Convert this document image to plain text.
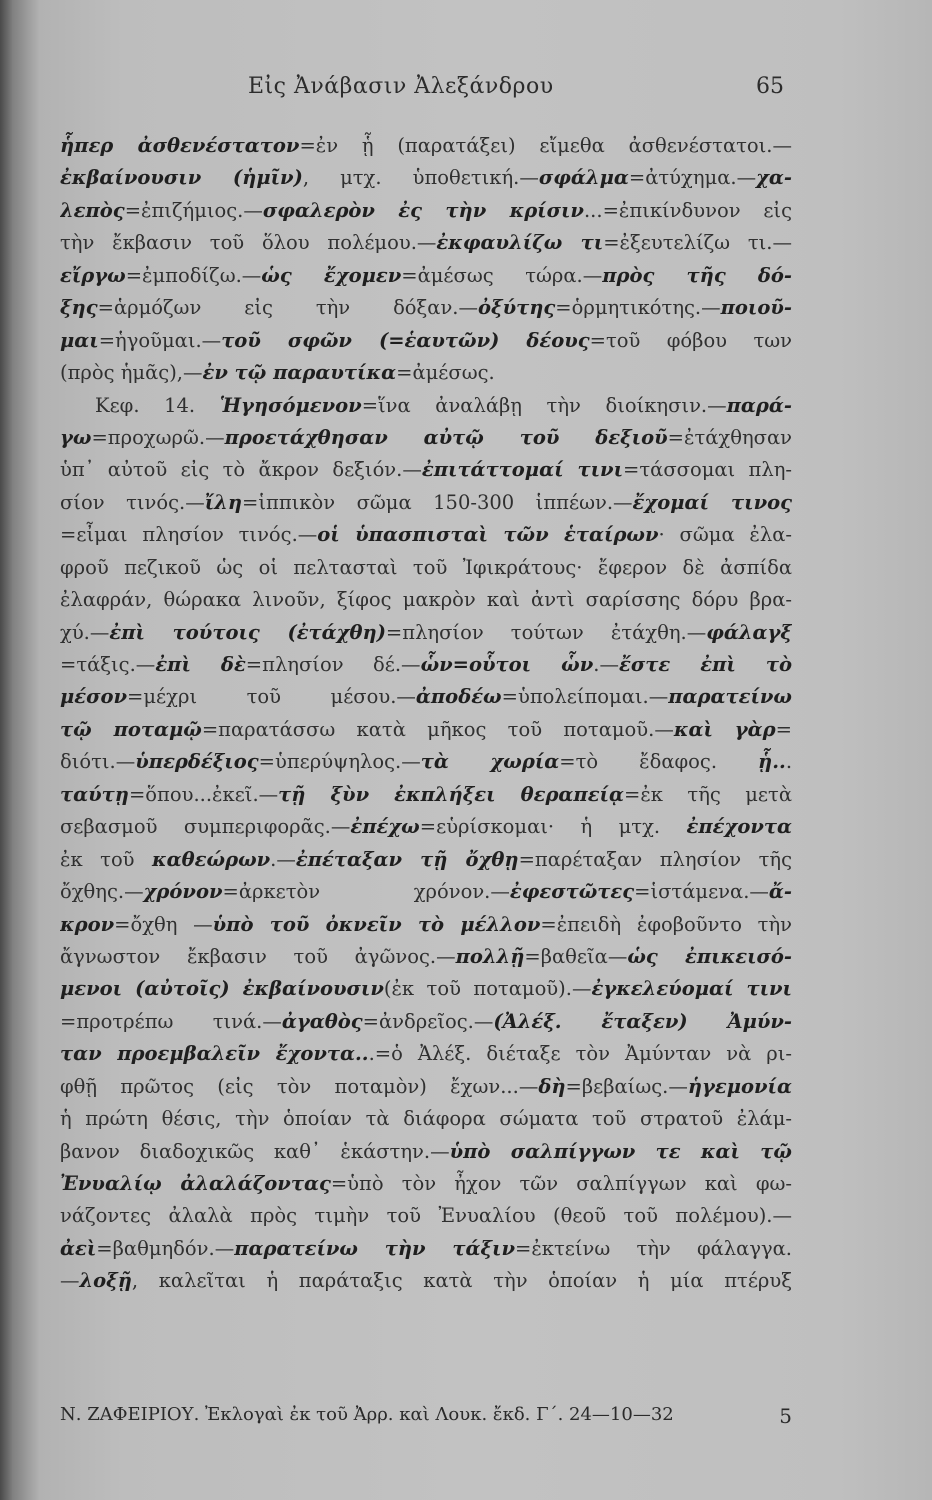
Εἰς Ἀνάβασιν Ἀλεξάνδρου	65
ἧπερ ἀσθενέστατον=ἐν ᾗ (παρατάξει) εἴμεθα ἀσθενέστατοι.—
ἐκβαίνουσιν (ἡμῖν), μτχ. ὑποθετική.—σφάλμα=ἀτύχημα.—χα-
λεπὸς=ἐπιζήμιος.—σφαλερὸν ἐς τὴν κρίσιν...=ἐπικίνδυνον εἰς
τὴν ἔκβασιν τοῦ ὅλου πολέμου.—ἐκφαυλίζω τι=ἐξευτελίζω τι.—
εἴργω=ἐμποδίζω.—ὡς ἔχομεν=ἀμέσως τώρα.—πρὸς τῆς δό-
ξης=ἁρμόζων εἰς τὴν δόξαν.—ὀξύτης=ὁρμητικότης.—ποιοῦ-
μαι=ἡγοῦμαι.—τοῦ σφῶν (=ἑαυτῶν) δέους=τοῦ φόβου των
(πρὸς ἡμᾶς),—ἐν τῷ παραυτίκα=ἀμέσως.
Κεφ. 14. Ἡγησόμενον=ἵνα ἀναλάβῃ τὴν διοίκησιν.—παρά-
γω=προχωρῶ.—προετάχθησαν αὐτῷ τοῦ δεξιοῦ=ἐτάχθησαν
ὑπ᾽ αὐτοῦ εἰς τὸ ἄκρον δεξιόν.—ἐπιτάττομαί τινι=τάσσομαι πλη-
σίον τινός.—ἴλη=ἱππικὸν σῶμα 150-300 ἱππέων.—ἔχομαί τινος
=εἶμαι πλησίον τινός.—οἱ ὑπασπισταὶ τῶν ἑταίρων· σῶμα ἐλα-
φροῦ πεζικοῦ ὡς οἱ πελτασταὶ τοῦ Ἰφικράτους· ἔφερον δὲ ἀσπίδα
ἐλαφράν, θώρακα λινοῦν, ξίφος μακρὸν καὶ ἀντὶ σαρίσσης δόρυ βρα-
χύ.—ἐπὶ τούτοις (ἐτάχθη)=πλησίον τούτων ἐτάχθη.—φάλαγξ
=τάξις.—ἐπὶ δὲ=πλησίον δέ.—ὧν=οὗτοι ὧν.—ἔστε ἐπὶ τὸ
μέσον=μέχρι τοῦ μέσου.—ἀποδέω=ὑπολείπομαι.—παρατείνω
τῷ ποταμῷ=παρατάσσω κατὰ μῆκος τοῦ ποταμοῦ.—καὶ γὰρ=
διότι.—ὑπερδέξιος=ὑπερύψηλος.—τὰ χωρία=τὸ ἔδαφος. ᾗ...
ταύτῃ=ὅπου...ἐκεῖ.—τῇ ξὺν ἐκπλήξει θεραπείᾳ=ἐκ τῆς μετὰ
σεβασμοῦ συμπεριφορᾶς.—ἐπέχω=εὑρίσκομαι· ἡ μτχ. ἐπέχοντα
ἐκ τοῦ καθεώρων.—ἐπέταξαν τῇ ὄχθῃ=παρέταξαν πλησίον τῆς
ὄχθης.—χρόνον=ἀρκετὸν χρόνον.—ἐφεστῶτες=ἱστάμενα.—ἄ-
κρον=ὄχθη —ὑπὸ τοῦ ὀκνεῖν τὸ μέλλον=ἐπειδὴ ἐφοβοῦντο τὴν
ἄγνωστον ἔκβασιν τοῦ ἀγῶνος.—πολλῇ=βαθεῖα—ὡς ἐπικεισό-
μενοι (αὐτοῖς) ἐκβαίνουσιν(ἐκ τοῦ ποταμοῦ).—ἐγκελεύομαί τινι
=προτρέπω τινά.—ἀγαθὸς=ἀνδρεῖος.—(Ἀλέξ. ἔταξεν) Ἀμύν-
ταν προεμβαλεῖν ἔχοντα...=ὁ Ἀλέξ. διέταξε τὸν Ἀμύνταν νὰ ρι-
φθῇ πρῶτος (εἰς τὸν ποταμὸν) ἔχων...—δὴ=βεβαίως.—ἡγεμονία
ἡ πρώτη θέσις, τὴν ὁποίαν τὰ διάφορα σώματα τοῦ στρατοῦ ἐλάμ-
βανον διαδοχικῶς καθ᾽ ἑκάστην.—ὑπὸ σαλπίγγων τε καὶ τῷ
Ἐνυαλίῳ ἀλαλάζοντας=ὑπὸ τὸν ἦχον τῶν σαλπίγγων καὶ φω-
νάζοντες ἀλαλὰ πρὸς τιμὴν τοῦ Ἐνυαλίου (θεοῦ τοῦ πολέμου).—
ἀεὶ=βαθμηδόν.—παρατείνω τὴν τάξιν=ἐκτείνω τὴν φάλαγγα.
—λοξῇ, καλεῖται ἡ παράταξις κατὰ τὴν ὁποίαν ἡ μία πτέρυξ
Ν. ΖΑΦΕΙΡΙΟΥ. Ἐκλογαὶ ἐκ τοῦ Ἀρρ. καὶ Λουκ. ἔκδ. Γ΄. 24—10—32	5
